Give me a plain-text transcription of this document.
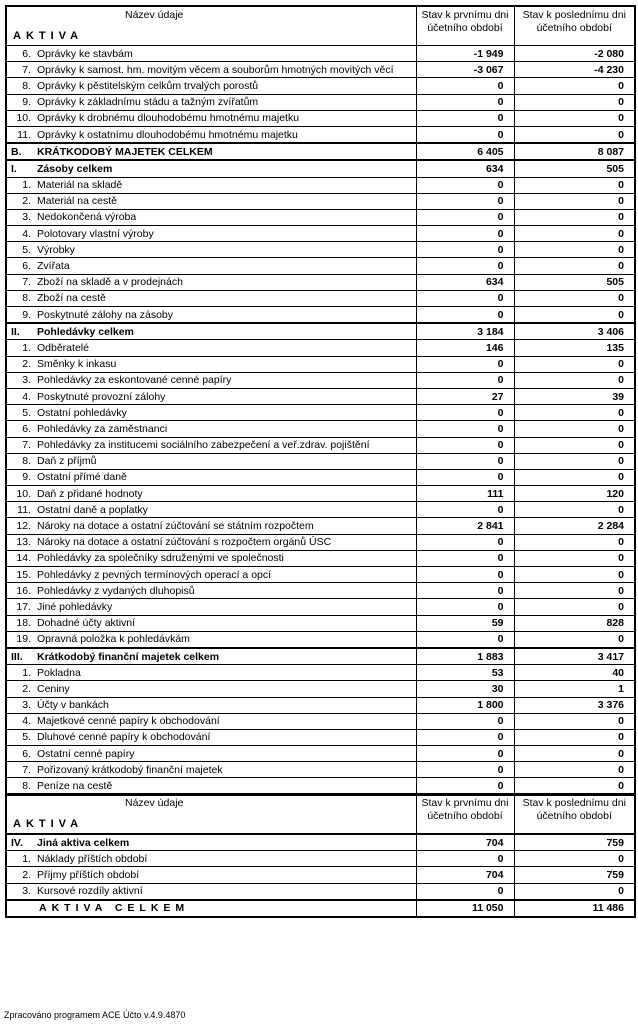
Název údaje
AKTIVA	Stav k prvnímu dni účetního období	Stav k poslednímu dni účetního období
6. Oprávky ke stavbám	-1 949	-2 080
7. Oprávky k samost. hm. movitým věcem a souborům hmotných movitých věcí	-3 067	-4 230
8. Oprávky k pěstitelským celkům trvalých porostů	0	0
9. Oprávky k základnímu stádu a tažným zvířatům	0	0
10. Oprávky k drobnému dlouhodobému hmotnému majetku	0	0
11. Oprávky k ostatnímu dlouhodobému hmotnému majetku	0	0
B. KRÁTKODOBÝ MAJETEK CELKEM	6 405	8 087
I. Zásoby celkem	634	505
1. Materiál na skladě	0	0
2. Materiál na cestě	0	0
3. Nedokončená výroba	0	0
4. Polotovary vlastní výroby	0	0
5. Výrobky	0	0
6. Zvířata	0	0
7. Zboží na skladě a v prodejnách	634	505
8. Zboží na cestě	0	0
9. Poskytnuté zálohy na zásoby	0	0
II. Pohledávky celkem	3 184	3 406
1. Odběratelé	146	135
2. Směnky k inkasu	0	0
3. Pohledávky za eskontované cenné papíry	0	0
4. Poskytnuté provozní zálohy	27	39
5. Ostatní pohledávky	0	0
6. Pohledávky za zaměstnanci	0	0
7. Pohledávky za institucemi sociálního zabezpečení a veř.zdrav. pojištění	0	0
8. Daň z příjmů	0	0
9. Ostatní přímé daně	0	0
10. Daň z přidané hodnoty	111	120
11. Ostatní daně a poplatky	0	0
12. Nároky na dotace a ostatní zúčtování se státním rozpočtem	2 841	2 284
13. Nároky na dotace a ostatní zúčtování s rozpočtem orgánů ÚSC	0	0
14. Pohledávky za společníky sdruženými ve společnosti	0	0
15. Pohledávky z pevných termínových operací a opcí	0	0
16. Pohledávky z vydaných dluhopisů	0	0
17. Jiné pohledávky	0	0
18. Dohadné účty aktivní	59	828
19. Opravná položka k pohledávkám	0	0
III. Krátkodobý finanční majetek celkem	1 883	3 417
1. Pokladna	53	40
2. Ceniny	30	1
3. Účty v bankách	1 800	3 376
4. Majetkové cenné papíry k obchodování	0	0
5. Dluhové cenné papíry k obchodování	0	0
6. Ostatní cenné papíry	0	0
7. Pořizovaný krátkodobý finanční majetek	0	0
8. Peníze na cestě	0	0
Název údaje
AKTIVA	Stav k prvnímu dni účetního období	Stav k poslednímu dni účetního období
IV. Jiná aktiva celkem	704	759
1. Náklady příštích období	0	0
2. Příjmy příštích období	704	759
3. Kursové rozdíly aktivní	0	0
AKTIVA CELKEM	11 050	11 486
Zpracováno programem ACE Účto v.4.9.4870
